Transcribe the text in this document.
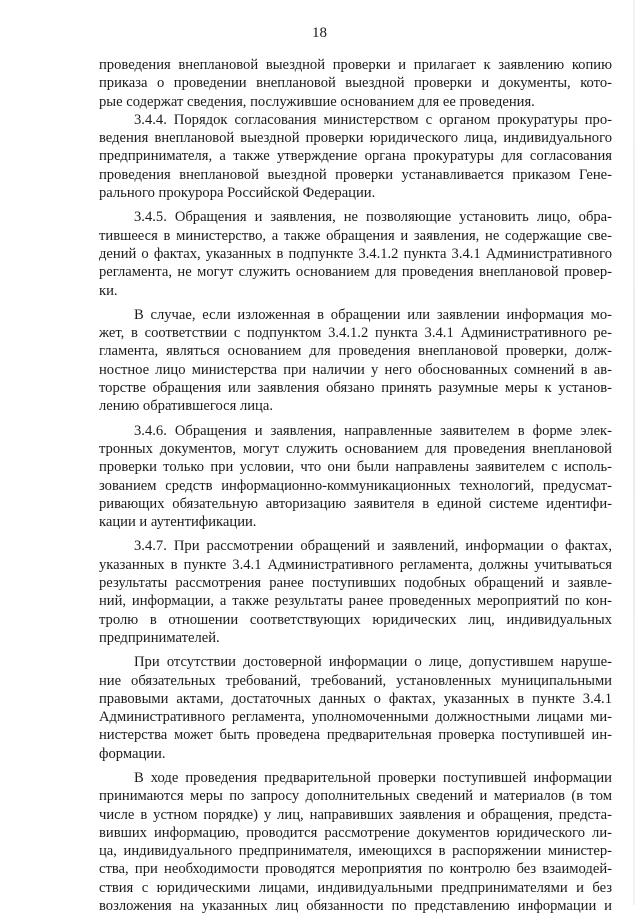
18
проведения внеплановой выездной проверки и прилагает к заявлению копию
приказа о проведении внеплановой выездной проверки и документы, кото-
рые содержат сведения, послужившие основанием для ее проведения.
3.4.4. Порядок согласования министерством с органом прокуратуры про-
ведения внеплановой выездной проверки юридического лица, индивидуального
предпринимателя, а также утверждение органа прокуратуры для согласования
проведения внеплановой выездной проверки устанавливается приказом Гене-
рального прокурора Российской Федерации.
3.4.5. Обращения и заявления, не позволяющие установить лицо, обра-
тившееся в министерство, а также обращения и заявления, не содержащие све-
дений о фактах, указанных в подпункте 3.4.1.2 пункта 3.4.1 Административного
регламента, не могут служить основанием для проведения внеплановой провер-
ки.
В случае, если изложенная в обращении или заявлении информация мо-
жет, в соответствии с подпунктом 3.4.1.2 пункта 3.4.1 Административного ре-
гламента, являться основанием для проведения внеплановой проверки, долж-
ностное лицо министерства при наличии у него обоснованных сомнений в ав-
торстве обращения или заявления обязано принять разумные меры к установ-
лению обратившегося лица.
3.4.6. Обращения и заявления, направленные заявителем в форме элек-
тронных документов, могут служить основанием для проведения внеплановой
проверки только при условии, что они были направлены заявителем с исполь-
зованием средств информационно-коммуникационных технологий, предусмат-
ривающих обязательную авторизацию заявителя в единой системе идентифи-
кации и аутентификации.
3.4.7. При рассмотрении обращений и заявлений, информации о фактах,
указанных в пункте 3.4.1 Административного регламента, должны учитываться
результаты рассмотрения ранее поступивших подобных обращений и заявле-
ний, информации, а также результаты ранее проведенных мероприятий по кон-
тролю в отношении соответствующих юридических лиц, индивидуальных
предпринимателей.
При отсутствии достоверной информации о лице, допустившем наруше-
ние обязательных требований, требований, установленных муниципальными
правовыми актами, достаточных данных о фактах, указанных в пункте 3.4.1
Административного регламента, уполномоченными должностными лицами ми-
нистерства может быть проведена предварительная проверка поступившей ин-
формации.
В ходе проведения предварительной проверки поступившей информации
принимаются меры по запросу дополнительных сведений и материалов (в том
числе в устном порядке) у лиц, направивших заявления и обращения, предста-
вивших информацию, проводится рассмотрение документов юридического ли-
ца, индивидуального предпринимателя, имеющихся в распоряжении министер-
ства, при необходимости проводятся мероприятия по контролю без взаимодей-
ствия с юридическими лицами, индивидуальными предпринимателями и без
возложения на указанных лиц обязанности по представлению информации и
